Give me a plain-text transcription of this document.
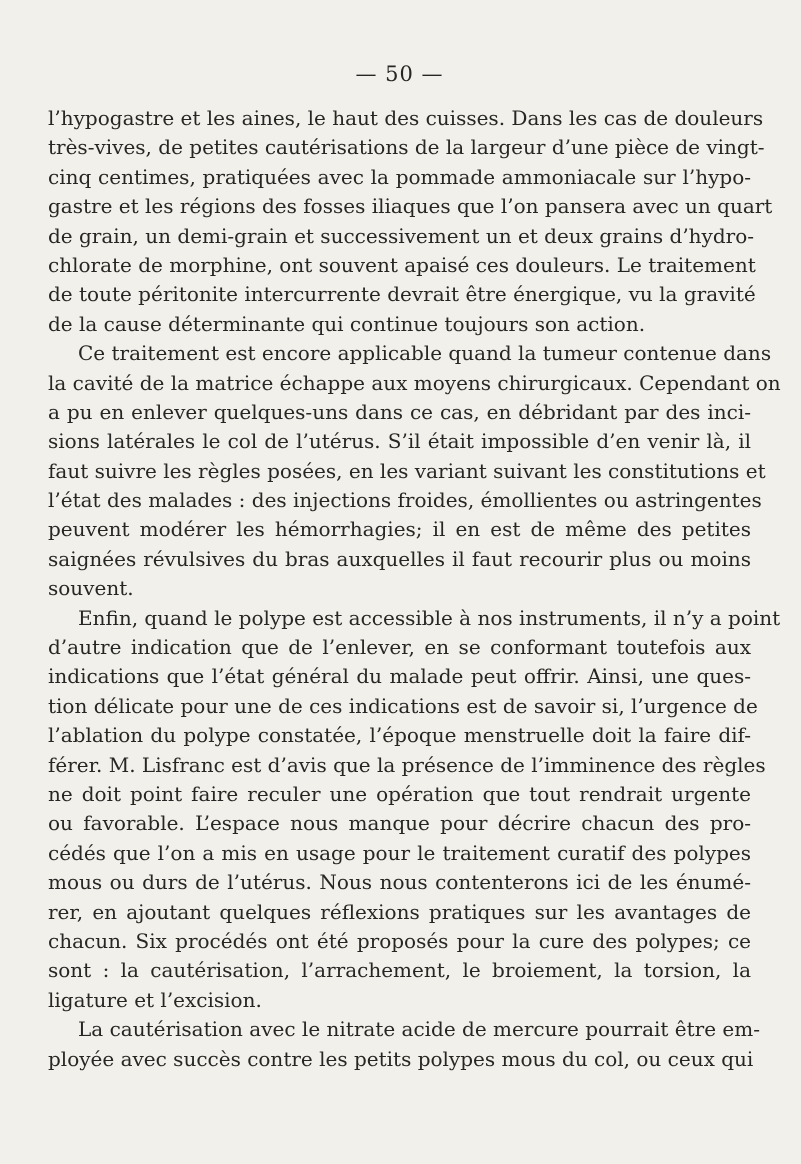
— 50 —
l’hypogastre et les aines, le haut des cuisses. Dans les cas de douleurs
très-vives, de petites cautérisations de la largeur d’une pièce de vingt-
cinq centimes, pratiquées avec la pommade ammoniacale sur l’hypo-
gastre et les régions des fosses iliaques que l’on pansera avec un quart
de grain, un demi-grain et successivement un et deux grains d’hydro-
chlorate de morphine, ont souvent apaisé ces douleurs. Le traitement
de toute péritonite intercurrente devrait être énergique, vu la gravité
de la cause déterminante qui continue toujours son action.
Ce traitement est encore applicable quand la tumeur contenue dans
la cavité de la matrice échappe aux moyens chirurgicaux. Cependant on
a pu en enlever quelques-uns dans ce cas, en débridant par des inci-
sions latérales le col de l’utérus. S’il était impossible d’en venir là, il
faut suivre les règles posées, en les variant suivant les constitutions et
l’état des malades : des injections froides, émollientes ou astringentes
peuvent modérer les hémorrhagies; il en est de même des petites
saignées révulsives du bras auxquelles il faut recourir plus ou moins
souvent.
Enfin, quand le polype est accessible à nos instruments, il n’y a point
d’autre indication que de l’enlever, en se conformant toutefois aux
indications que l’état général du malade peut offrir. Ainsi, une ques-
tion délicate pour une de ces indications est de savoir si, l’urgence de
l’ablation du polype constatée, l’époque menstruelle doit la faire dif-
férer. M. Lisfranc est d’avis que la présence de l’imminence des règles
ne doit point faire reculer une opération que tout rendrait urgente
ou favorable. L’espace nous manque pour décrire chacun des pro-
cédés que l’on a mis en usage pour le traitement curatif des polypes
mous ou durs de l’utérus. Nous nous contenterons ici de les énumé-
rer, en ajoutant quelques réflexions pratiques sur les avantages de
chacun. Six procédés ont été proposés pour la cure des polypes; ce
sont : la cautérisation, l’arrachement, le broiement, la torsion, la
ligature et l’excision.
La cautérisation avec le nitrate acide de mercure pourrait être em-
ployée avec succès contre les petits polypes mous du col, ou ceux qui
